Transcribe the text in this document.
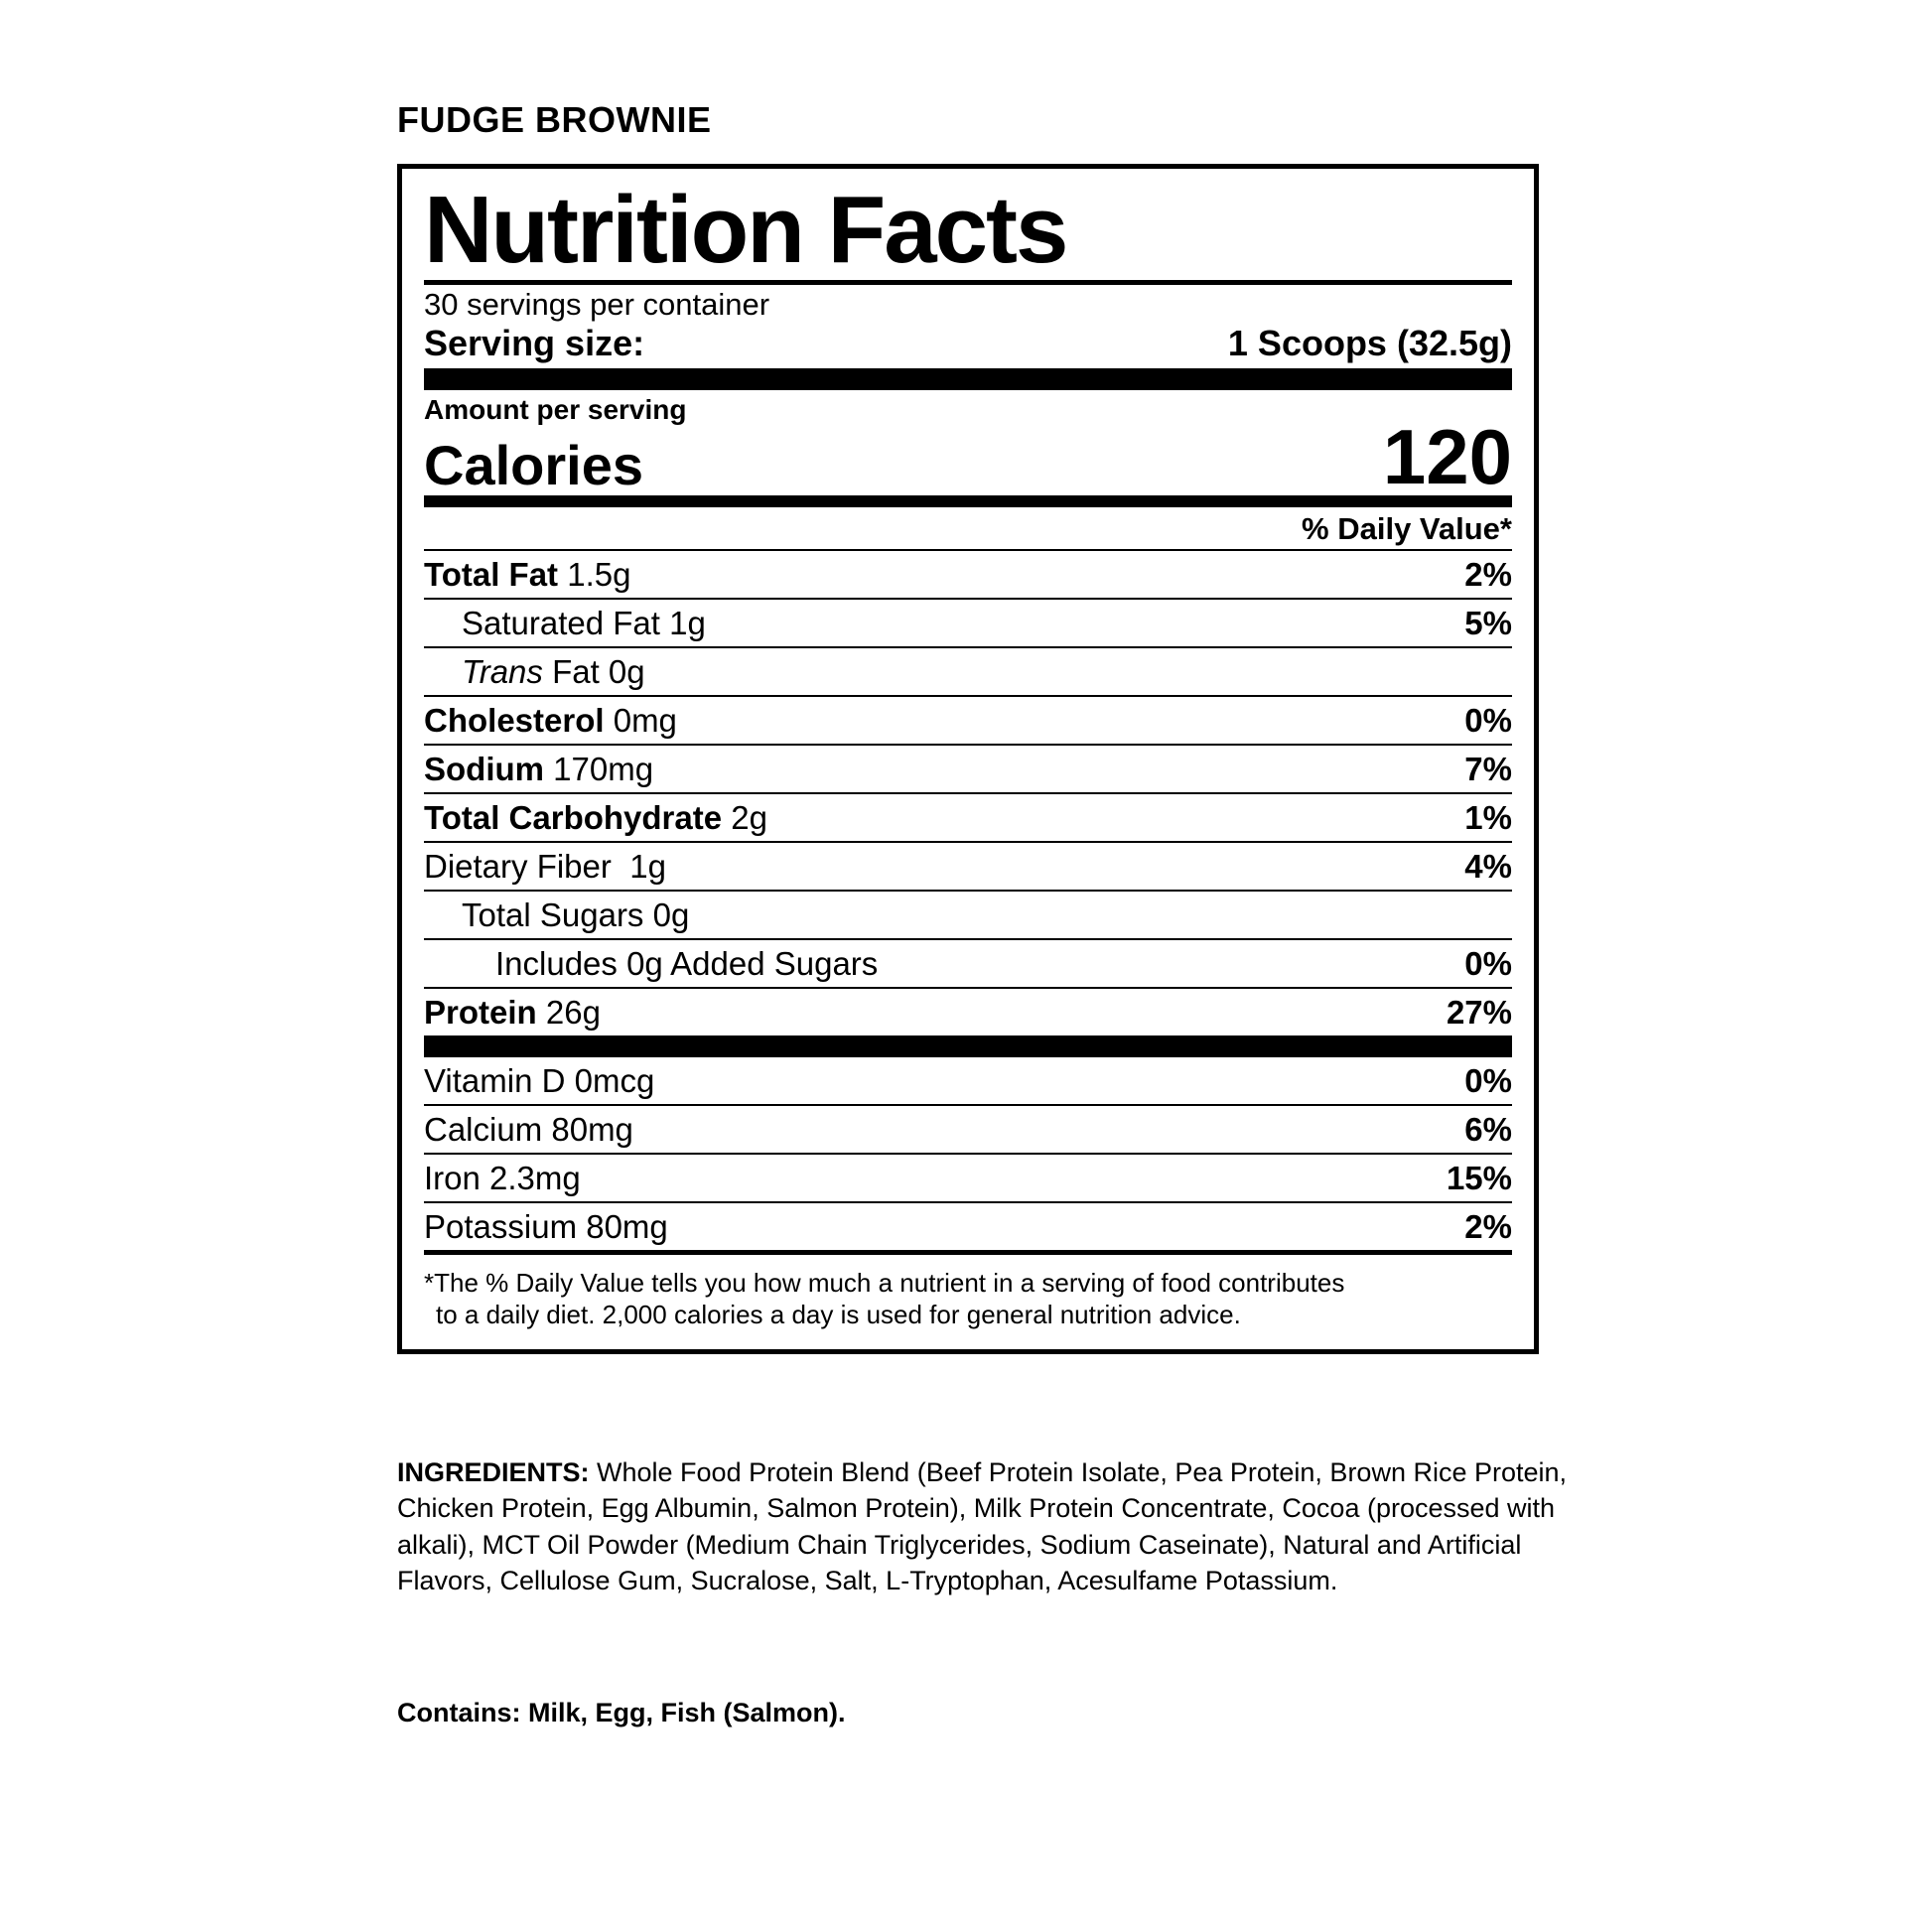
FUDGE BROWNIE
Nutrition Facts
30 servings per container
Serving size:	1 Scoops (32.5g)
Amount per serving
Calories	120
% Daily Value*
Total Fat 1.5g	2%
Saturated Fat 1g	5%
Trans Fat 0g
Cholesterol 0mg	0%
Sodium 170mg	7%
Total Carbohydrate 2g	1%
Dietary Fiber 1g	4%
Total Sugars 0g
Includes 0g Added Sugars	0%
Protein 26g	27%
Vitamin D 0mcg	0%
Calcium 80mg	6%
Iron 2.3mg	15%
Potassium 80mg	2%
*The % Daily Value tells you how much a nutrient in a serving of food contributes
to a daily diet. 2,000 calories a day is used for general nutrition advice.
INGREDIENTS: Whole Food Protein Blend (Beef Protein Isolate, Pea Protein, Brown Rice Protein, Chicken Protein, Egg Albumin, Salmon Protein), Milk Protein Concentrate, Cocoa (processed with alkali), MCT Oil Powder (Medium Chain Triglycerides, Sodium Caseinate), Natural and Artificial Flavors, Cellulose Gum, Sucralose, Salt, L-Tryptophan, Acesulfame Potassium.
Contains: Milk, Egg, Fish (Salmon).
